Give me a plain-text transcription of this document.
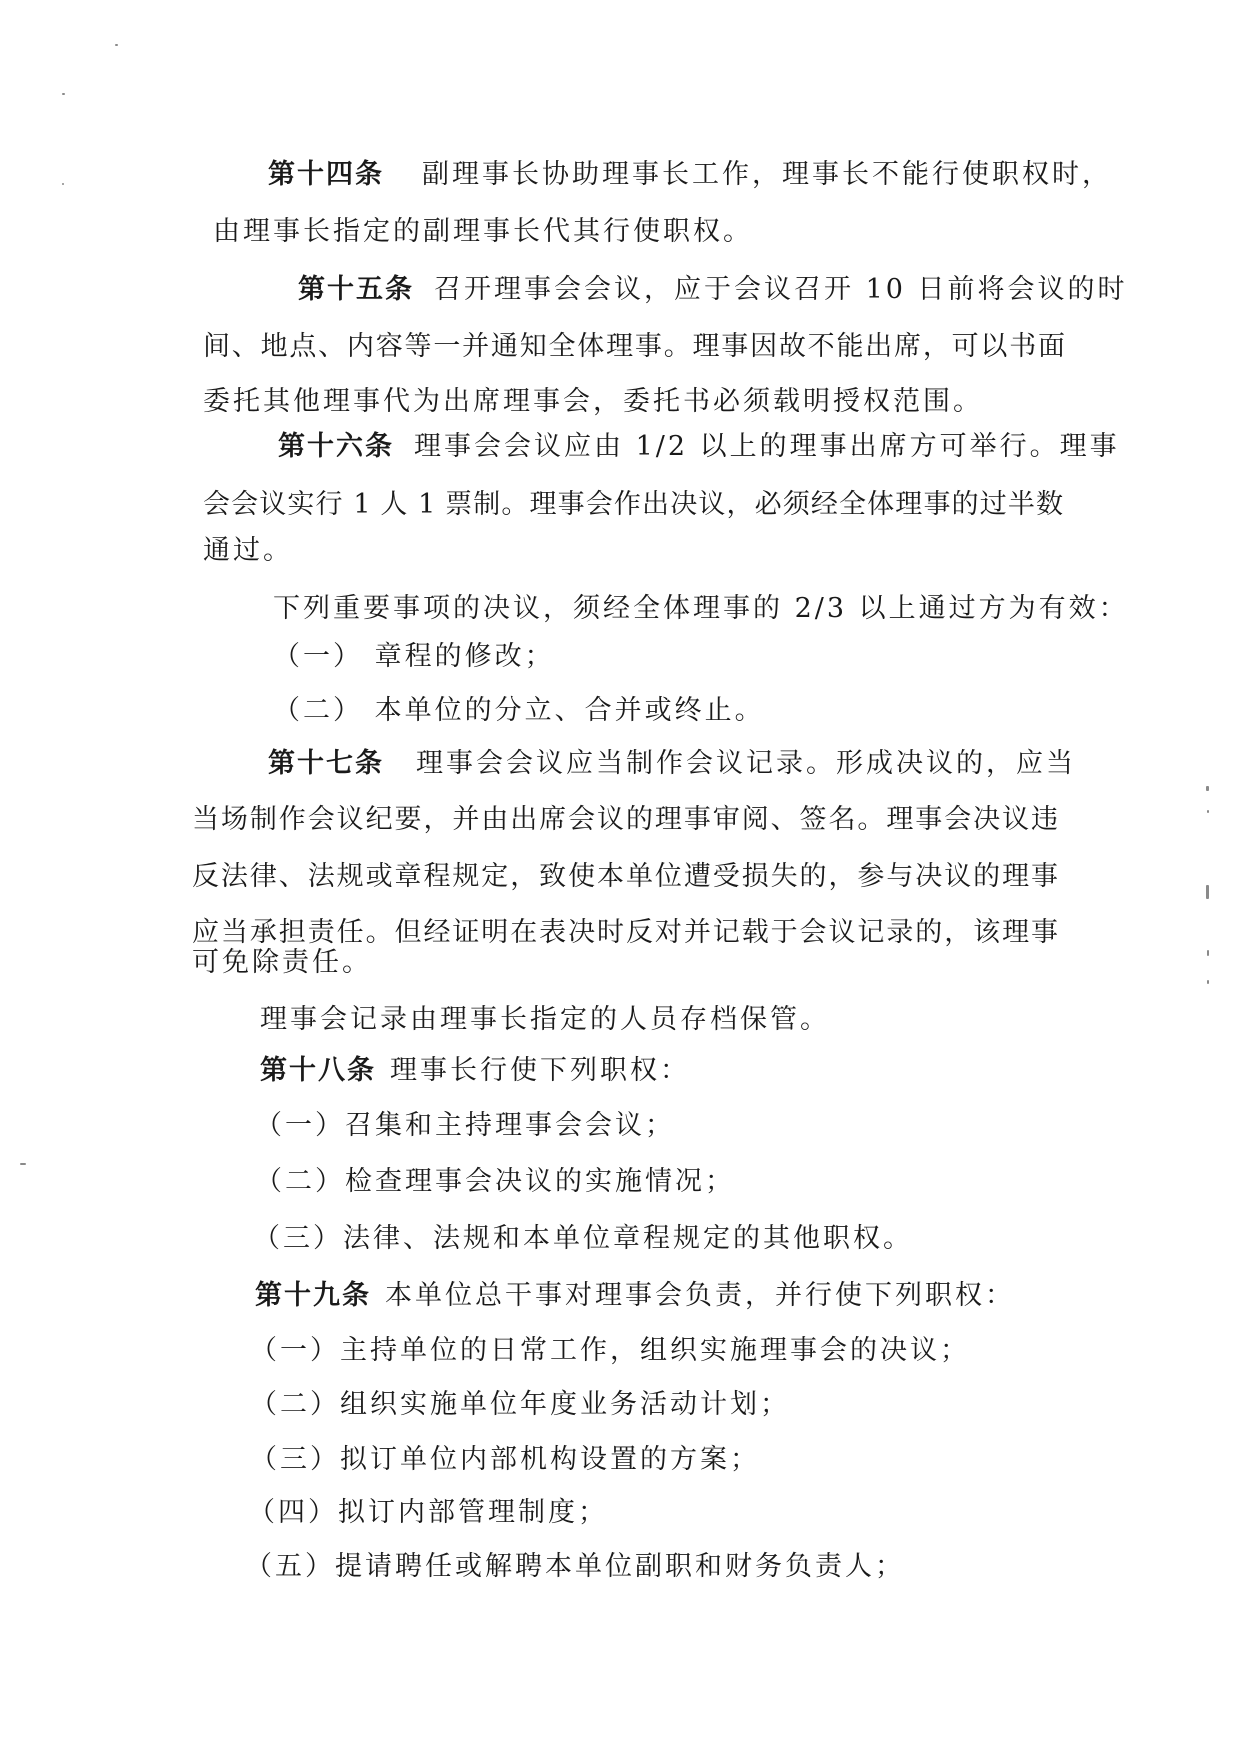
第十四条 副理事长协助理事长工作，理事长不能行使职权时，
由理事长指定的副理事长代其行使职权。
第十五条 召开理事会会议，应于会议召开 10 日前将会议的时
间、地点、内容等一并通知全体理事。理事因故不能出席，可以书面
委托其他理事代为出席理事会，委托书必须载明授权范围。
第十六条 理事会会议应由 1/2 以上的理事出席方可举行。理事
会会议实行 1 人 1 票制。理事会作出决议，必须经全体理事的过半数
通过。
下列重要事项的决议，须经全体理事的 2/3 以上通过方为有效：
（一） 章程的修改；
（二） 本单位的分立、合并或终止。
第十七条 理事会会议应当制作会议记录。形成决议的，应当
当场制作会议纪要，并由出席会议的理事审阅、签名。理事会决议违
反法律、法规或章程规定，致使本单位遭受损失的，参与决议的理事
应当承担责任。但经证明在表决时反对并记载于会议记录的，该理事
可免除责任。
理事会记录由理事长指定的人员存档保管。
第十八条 理事长行使下列职权：
（一）召集和主持理事会会议；
（二）检查理事会决议的实施情况；
（三）法律、法规和本单位章程规定的其他职权。
第十九条 本单位总干事对理事会负责，并行使下列职权：
（一）主持单位的日常工作，组织实施理事会的决议；
（二）组织实施单位年度业务活动计划；
（三）拟订单位内部机构设置的方案；
（四）拟订内部管理制度；
（五）提请聘任或解聘本单位副职和财务负责人；
